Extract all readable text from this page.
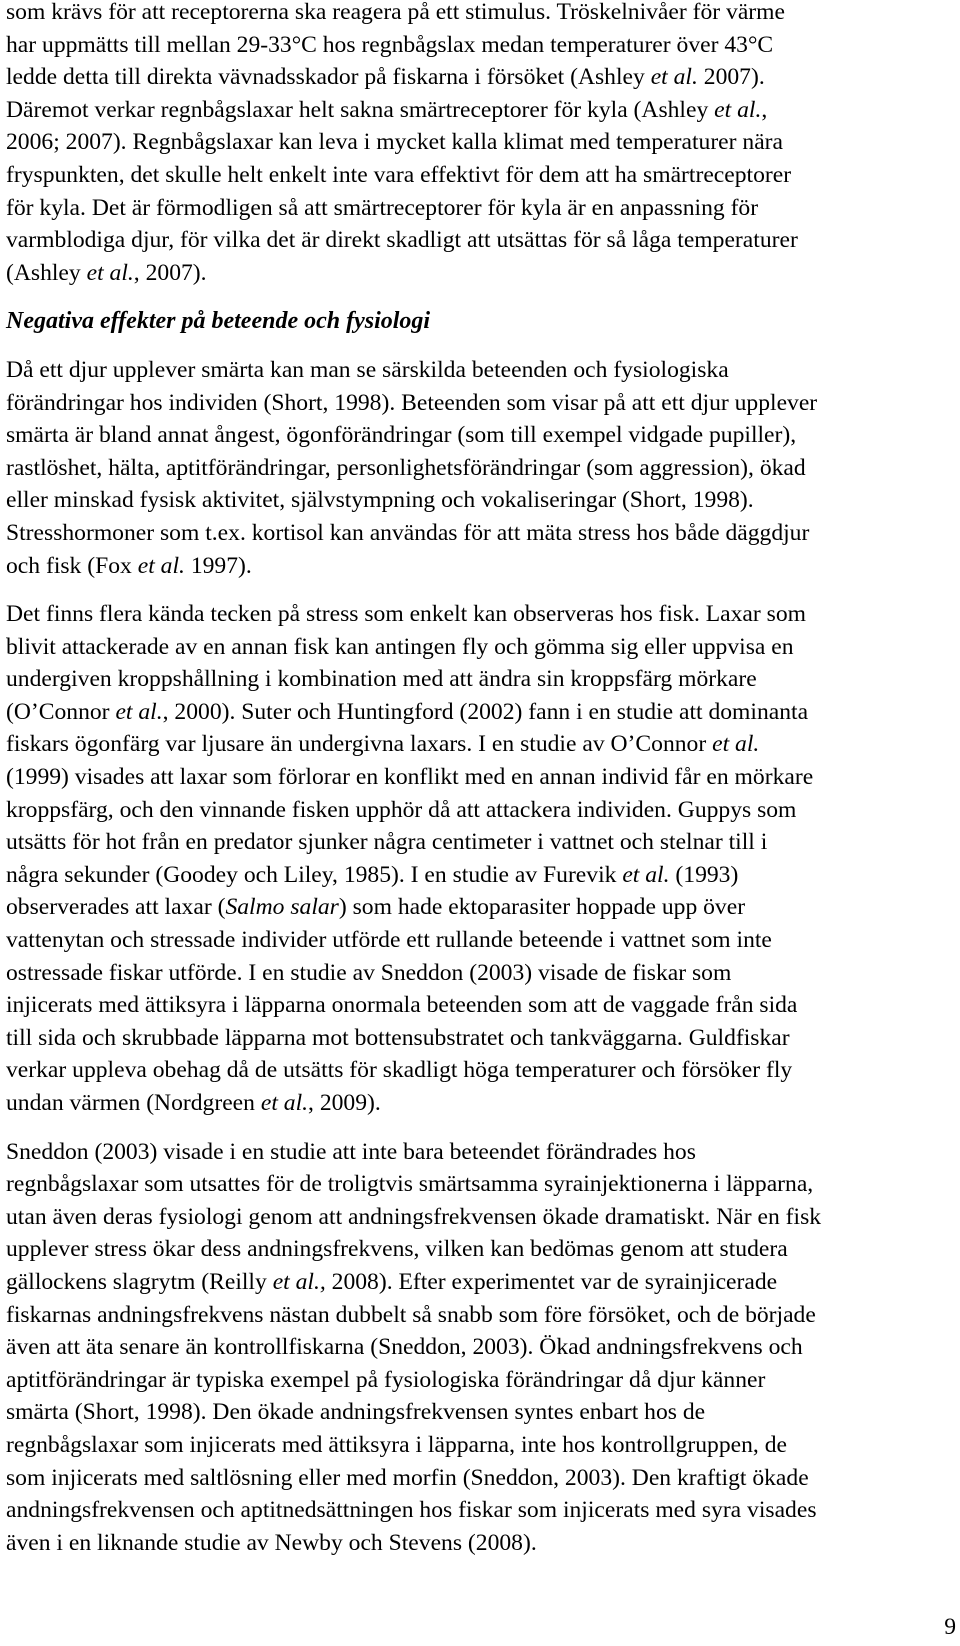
som krävs för att receptorerna ska reagera på ett stimulus. Tröskelnivåer för värme

har uppmätts till mellan 29-33°C hos regnbågslax medan temperaturer över 43°C

ledde detta till direkta vävnadsskador på fiskarna i försöket (Ashley et al. 2007).

Däremot verkar regnbågslaxar helt sakna smärtreceptorer för kyla (Ashley et al.,

2006; 2007). Regnbågslaxar kan leva i mycket kalla klimat med temperaturer nära

fryspunkten, det skulle helt enkelt inte vara effektivt för dem att ha smärtreceptorer

för kyla. Det är förmodligen så att smärtreceptorer för kyla är en anpassning för

varmblodiga djur, för vilka det är direkt skadligt att utsättas för så låga temperaturer

(Ashley et al., 2007).

Negativa effekter på beteende och fysiologi

Då ett djur upplever smärta kan man se särskilda beteenden och fysiologiska

förändringar hos individen (Short, 1998). Beteenden som visar på att ett djur upplever

smärta är bland annat ångest, ögonförändringar (som till exempel vidgade pupiller),

rastlöshet, hälta, aptitförändringar, personlighetsförändringar (som aggression), ökad

eller minskad fysisk aktivitet, självstympning och vokaliseringar (Short, 1998).

Stresshormoner som t.ex. kortisol kan användas för att mäta stress hos både däggdjur

och fisk (Fox et al. 1997).

Det finns flera kända tecken på stress som enkelt kan observeras hos fisk. Laxar som

blivit attackerade av en annan fisk kan antingen fly och gömma sig eller uppvisa en

undergiven kroppshållning i kombination med att ändra sin kroppsfärg mörkare

(O’Connor et al., 2000). Suter och Huntingford (2002) fann i en studie att dominanta

fiskars ögonfärg var ljusare än undergivna laxars. I en studie av O’Connor et al.

(1999) visades att laxar som förlorar en konflikt med en annan individ får en mörkare

kroppsfärg, och den vinnande fisken upphör då att attackera individen. Guppys som

utsätts för hot från en predator sjunker några centimeter i vattnet och stelnar till i

några sekunder (Goodey och Liley, 1985). I en studie av Furevik et al. (1993)

observerades att laxar (Salmo salar) som hade ektoparasiter hoppade upp över

vattenytan och stressade individer utförde ett rullande beteende i vattnet som inte

ostressade fiskar utförde. I en studie av Sneddon (2003) visade de fiskar som

injicerats med ättiksyra i läpparna onormala beteenden som att de vaggade från sida

till sida och skrubbade läpparna mot bottensubstratet och tankväggarna. Guldfiskar

verkar uppleva obehag då de utsätts för skadligt höga temperaturer och försöker fly

undan värmen (Nordgreen et al., 2009).

Sneddon (2003) visade i en studie att inte bara beteendet förändrades hos

regnbågslaxar som utsattes för de troligtvis smärtsamma syrainjektionerna i läpparna,

utan även deras fysiologi genom att andningsfrekvensen ökade dramatiskt. När en fisk

upplever stress ökar dess andningsfrekvens, vilken kan bedömas genom att studera

gällockens slagrytm (Reilly et al., 2008). Efter experimentet var de syrainjicerade

fiskarnas andningsfrekvens nästan dubbelt så snabb som före försöket, och de började

även att äta senare än kontrollfiskarna (Sneddon, 2003). Ökad andningsfrekvens och

aptitförändringar är typiska exempel på fysiologiska förändringar då djur känner

smärta (Short, 1998). Den ökade andningsfrekvensen syntes enbart hos de

regnbågslaxar som injicerats med ättiksyra i läpparna, inte hos kontrollgruppen, de

som injicerats med saltlösning eller med morfin (Sneddon, 2003). Den kraftigt ökade

andningsfrekvensen och aptitnedsättningen hos fiskar som injicerats med syra visades

även i en liknande studie av Newby och Stevens (2008).

9
